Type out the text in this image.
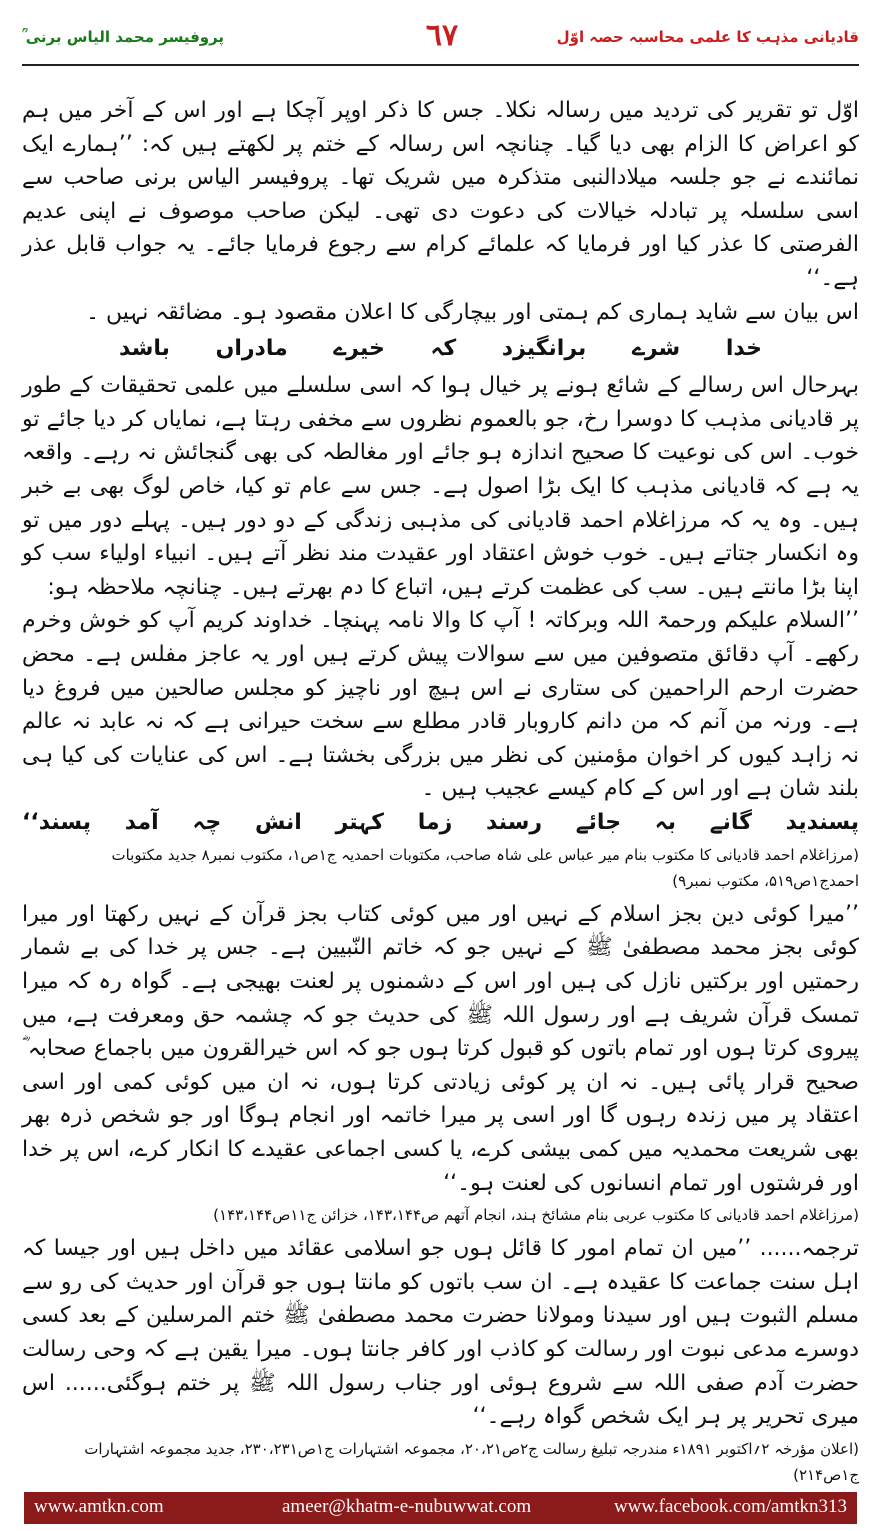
پروفیسر محمد الیاس برنی ؒ	٦٧	قادیانی مذہب کا علمی محاسبہ حصہ اوّل

اوّل تو تقریر کی تردید میں رسالہ نکلا۔ جس کا ذکر اوپر آچکا ہے اور اس کے آخر میں ہم کو اعراض کا الزام بھی دیا گیا۔ چنانچہ اس رسالہ کے ختم پر لکھتے ہیں کہ: ’’ہمارے ایک نمائندے نے جو جلسہ میلادالنبی متذکرہ میں شریک تھا۔ پروفیسر الیاس برنی صاحب سے اسی سلسلہ پر تبادلہ خیالات کی دعوت دی تھی۔ لیکن صاحب موصوف نے اپنی عدیم الفرصتی کا عذر کیا اور فرمایا کہ علمائے کرام سے رجوع فرمایا جائے۔ یہ جواب قابل عذر ہے۔‘‘

اس بیان سے شاید ہماری کم ہمتی اور بیچارگی کا اعلان مقصود ہو۔ مضائقہ نہیں ۔

خدا شرے برانگیزد کہ خیرے مادراں باشد

بہرحال اس رسالے کے شائع ہونے پر خیال ہوا کہ اسی سلسلے میں علمی تحقیقات کے طور پر قادیانی مذہب کا دوسرا رخ، جو بالعموم نظروں سے مخفی رہتا ہے، نمایاں کر دیا جائے تو خوب۔ اس کی نوعیت کا صحیح اندازہ ہو جائے اور مغالطہ کی بھی گنجائش نہ رہے۔ واقعہ یہ ہے کہ قادیانی مذہب کا ایک بڑا اصول ہے۔ جس سے عام تو کیا، خاص لوگ بھی بے خبر ہیں۔ وہ یہ کہ مرزاغلام احمد قادیانی کی مذہبی زندگی کے دو دور ہیں۔ پہلے دور میں تو وہ انکسار جتاتے ہیں۔ خوب خوش اعتقاد اور عقیدت مند نظر آتے ہیں۔ انبیاء اولیاء سب کو اپنا بڑا مانتے ہیں۔ سب کی عظمت کرتے ہیں، اتباع کا دم بھرتے ہیں۔ چنانچہ ملاحظہ ہو:

’’السلام علیکم ورحمۃ اللہ وبرکاتہ ! آپ کا والا نامہ پہنچا۔ خداوند کریم آپ کو خوش وخرم رکھے۔ آپ دقائق متصوفین میں سے سوالات پیش کرتے ہیں اور یہ عاجز مفلس ہے۔ محض حضرت ارحم الراحمین کی ستاری نے اس ہیچ اور ناچیز کو مجلس صالحین میں فروغ دیا ہے۔ ورنہ من آنم کہ من دانم کاروبار قادر مطلع سے سخت حیرانی ہے کہ نہ عابد نہ عالم نہ زاہد کیوں کر اخوان مؤمنین کی نظر میں بزرگی بخشتا ہے۔ اس کی عنایات کی کیا ہی بلند شان ہے اور اس کے کام کیسے عجیب ہیں ۔

پسندید گانے بہ جائے رسند زما کہتر انش چہ آمد پسند‘‘

(مرزاغلام احمد قادیانی کا مکتوب بنام میر عباس علی شاہ صاحب، مکتوبات احمدیہ ج۱ص۱، مکتوب نمبر۸ جدید مکتوبات احمدج۱ص۵۱۹، مکتوب نمبر۹)

’’میرا کوئی دین بجز اسلام کے نہیں اور میں کوئی کتاب بجز قرآن کے نہیں رکھتا اور میرا کوئی بجز محمد مصطفیٰ ﷺ کے نہیں جو کہ خاتم النّبیین ہے۔ جس پر خدا کی بے شمار رحمتیں اور برکتیں نازل کی ہیں اور اس کے دشمنوں پر لعنت بھیجی ہے۔ گواہ رہ کہ میرا تمسک قرآن شریف ہے اور رسول اللہ ﷺ کی حدیث جو کہ چشمہ حق ومعرفت ہے، میں پیروی کرتا ہوں اور تمام باتوں کو قبول کرتا ہوں جو کہ اس خیرالقرون میں باجماع صحابہ ؓ صحیح قرار پائی ہیں۔ نہ ان پر کوئی زیادتی کرتا ہوں، نہ ان میں کوئی کمی اور اسی اعتقاد پر میں زندہ رہوں گا اور اسی پر میرا خاتمہ اور انجام ہوگا اور جو شخص ذرہ بھر بھی شریعت محمدیہ میں کمی بیشی کرے، یا کسی اجماعی عقیدے کا انکار کرے، اس پر خدا اور فرشتوں اور تمام انسانوں کی لعنت ہو۔‘‘

(مرزاغلام احمد قادیانی کا مکتوب عربی بنام مشائخ ہند، انجام آتھم ص۱۴۳،۱۴۴، خزائن ج۱۱ص۱۴۳،۱۴۴)

ترجمہ...... ’’میں ان تمام امور کا قائل ہوں جو اسلامی عقائد میں داخل ہیں اور جیسا کہ اہل سنت جماعت کا عقیدہ ہے۔ ان سب باتوں کو مانتا ہوں جو قرآن اور حدیث کی رو سے مسلم الثبوت ہیں اور سیدنا ومولانا حضرت محمد مصطفیٰ ﷺ ختم المرسلین کے بعد کسی دوسرے مدعی نبوت اور رسالت کو کاذب اور کافر جانتا ہوں۔ میرا یقین ہے کہ وحی رسالت حضرت آدم صفی اللہ سے شروع ہوئی اور جناب رسول اللہ ﷺ پر ختم ہوگئی...... اس میری تحریر پر ہر ایک شخص گواہ رہے۔‘‘

(اعلان مؤرخہ ۲؍اکتوبر ۱۸۹۱ء مندرجہ تبلیغ رسالت ج۲ص۲۰،۲۱، مجموعہ اشتہارات ج۱ص۲۳۰،۲۳۱، جدید مجموعہ اشتہارات ج۱ص۲۱۴)

www.amtkn.com	ameer@khatm-e-nubuwwat.com	www.facebook.com/amtkn313
